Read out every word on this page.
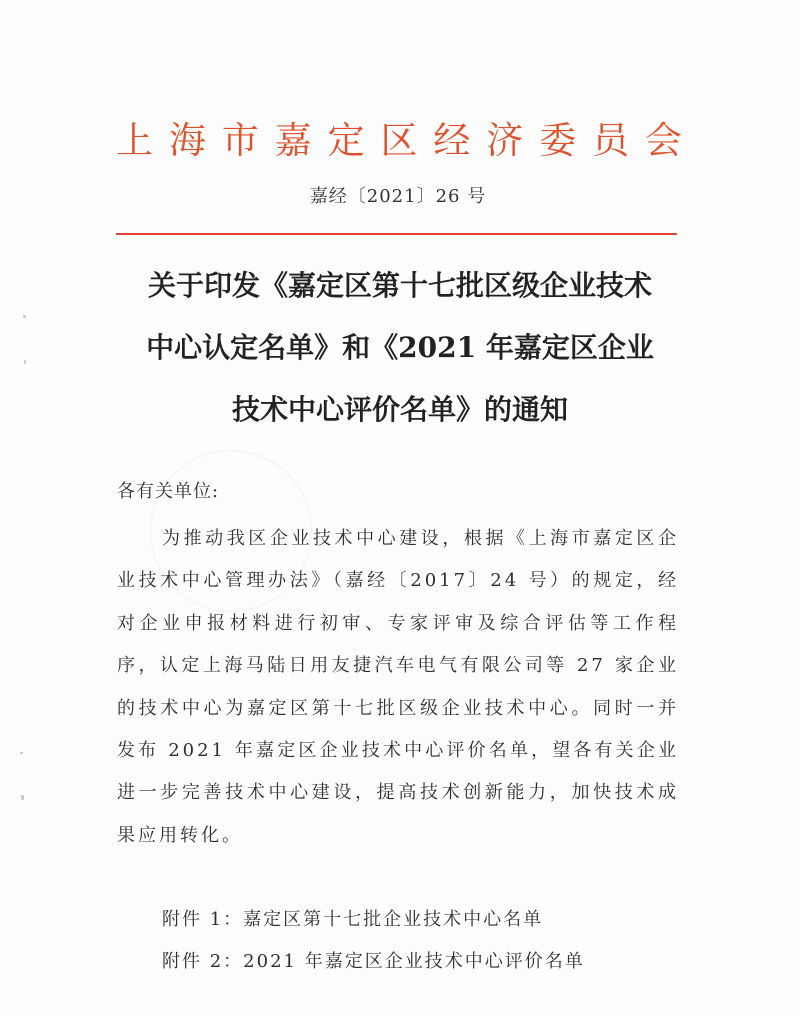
上 海 市 嘉 定 区 经 济 委 员 会
嘉经〔2021〕26 号
关于印发《嘉定区第十七批区级企业技术
中心认定名单》和《2021 年嘉定区企业
技术中心评价名单》的通知
各有关单位:
为推动我区企业技术中心建设，根据《上海市嘉定区企业技术中心管理办法》（嘉经〔2017〕24 号）的规定，经对企业申报材料进行初审、专家评审及综合评估等工作程序，认定上海马陆日用友捷汽车电气有限公司等 27 家企业的技术中心为嘉定区第十七批区级企业技术中心。同时一并发布 2021 年嘉定区企业技术中心评价名单，望各有关企业进一步完善技术中心建设，提高技术创新能力，加快技术成果应用转化。
附件 1：嘉定区第十七批企业技术中心名单
附件 2：2021 年嘉定区企业技术中心评价名单
